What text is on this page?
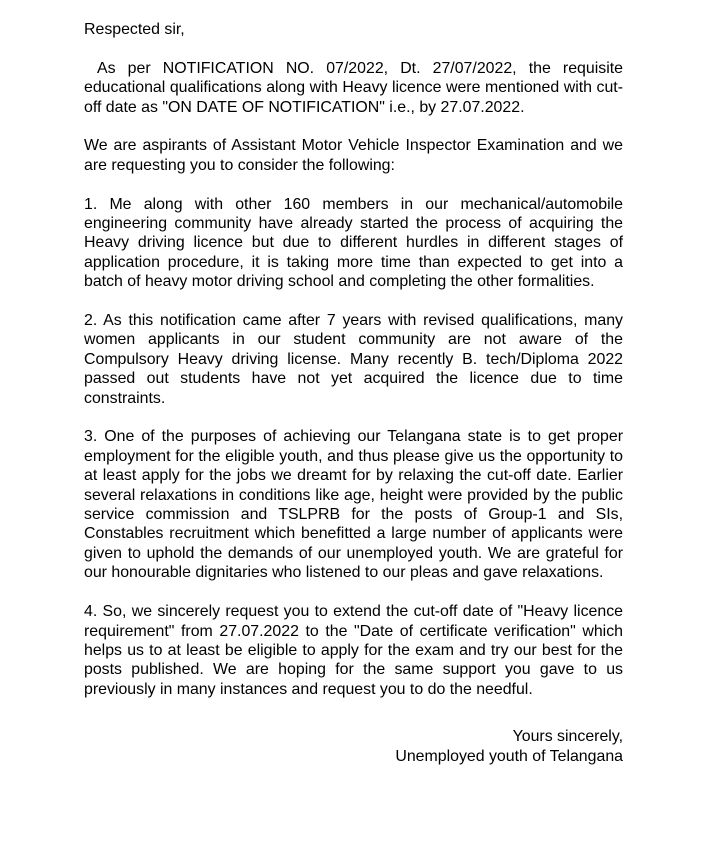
Respected sir,

As per NOTIFICATION NO. 07/2022, Dt. 27/07/2022, the requisite educational qualifications along with Heavy licence were mentioned with cut-off date as "ON DATE OF NOTIFICATION" i.e., by 27.07.2022.

We are aspirants of Assistant Motor Vehicle Inspector Examination and we are requesting you to consider the following:

1. Me along with other 160 members in our mechanical/automobile engineering community have already started the process of acquiring the Heavy driving licence but due to different hurdles in different stages of application procedure, it is taking more time than expected to get into a batch of heavy motor driving school and completing the other formalities.

2. As this notification came after 7 years with revised qualifications, many women applicants in our student community are not aware of the Compulsory Heavy driving license. Many recently B. tech/Diploma 2022 passed out students have not yet acquired the licence due to time constraints.

3. One of the purposes of achieving our Telangana state is to get proper employment for the eligible youth, and thus please give us the opportunity to at least apply for the jobs we dreamt for by relaxing the cut-off date. Earlier several relaxations in conditions like age, height were provided by the public service commission and TSLPRB for the posts of Group-1 and SIs, Constables recruitment which benefitted a large number of applicants were given to uphold the demands of our unemployed youth. We are grateful for our honourable dignitaries who listened to our pleas and gave relaxations.

4. So, we sincerely request you to extend the cut-off date of "Heavy licence requirement" from 27.07.2022 to the "Date of certificate verification" which helps us to at least be eligible to apply for the exam and try our best for the posts published. We are hoping for the same support you gave to us previously in many instances and request you to do the needful.

Yours sincerely,
Unemployed youth of Telangana
